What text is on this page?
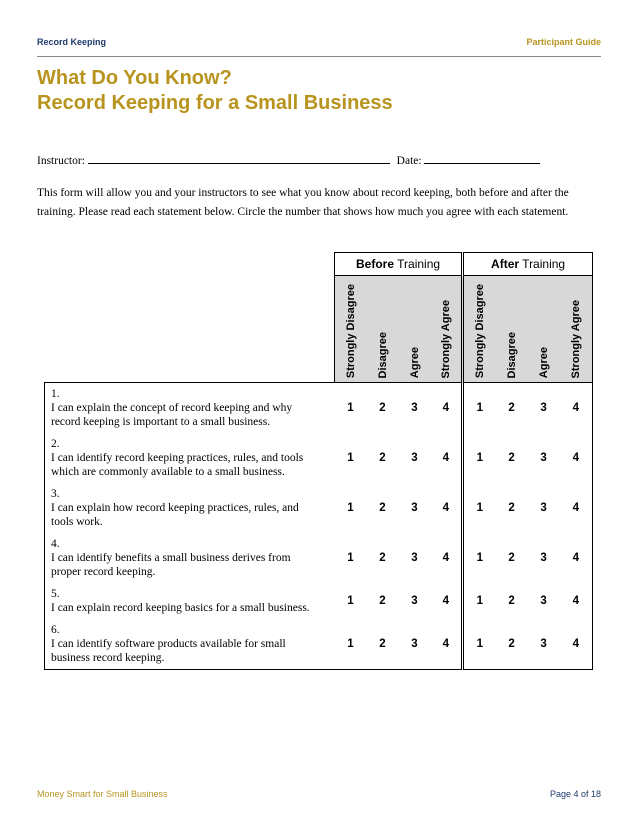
Record Keeping	Participant Guide
What Do You Know?
Record Keeping for a Small Business
Instructor:	Date:
This form will allow you and your instructors to see what you know about record keeping, both before and after the training. Please read each statement below. Circle the number that shows how much you agree with each statement.
	Before Training				After Training			

	Strongly Disagree	Disagree	Agree	Strongly Agree	Strongly Disagree	Disagree	Agree	Strongly Agree

1.I can explain the concept of record keeping and why record keeping is important to a small business.	1	2	3	4	1	2	3	4
2.I can identify record keeping practices, rules, and tools which are commonly available to a small business.	1	2	3	4	1	2	3	4
3.I can explain how record keeping practices, rules, and tools work.	1	2	3	4	1	2	3	4
4.I can identify benefits a small business derives from proper record keeping.	1	2	3	4	1	2	3	4
5.I can explain record keeping basics for a small business.	1	2	3	4	1	2	3	4
6.I can identify software products available for small business record keeping.	1	2	3	4	1	2	3	4
Money Smart for Small Business	Page 4 of 18
